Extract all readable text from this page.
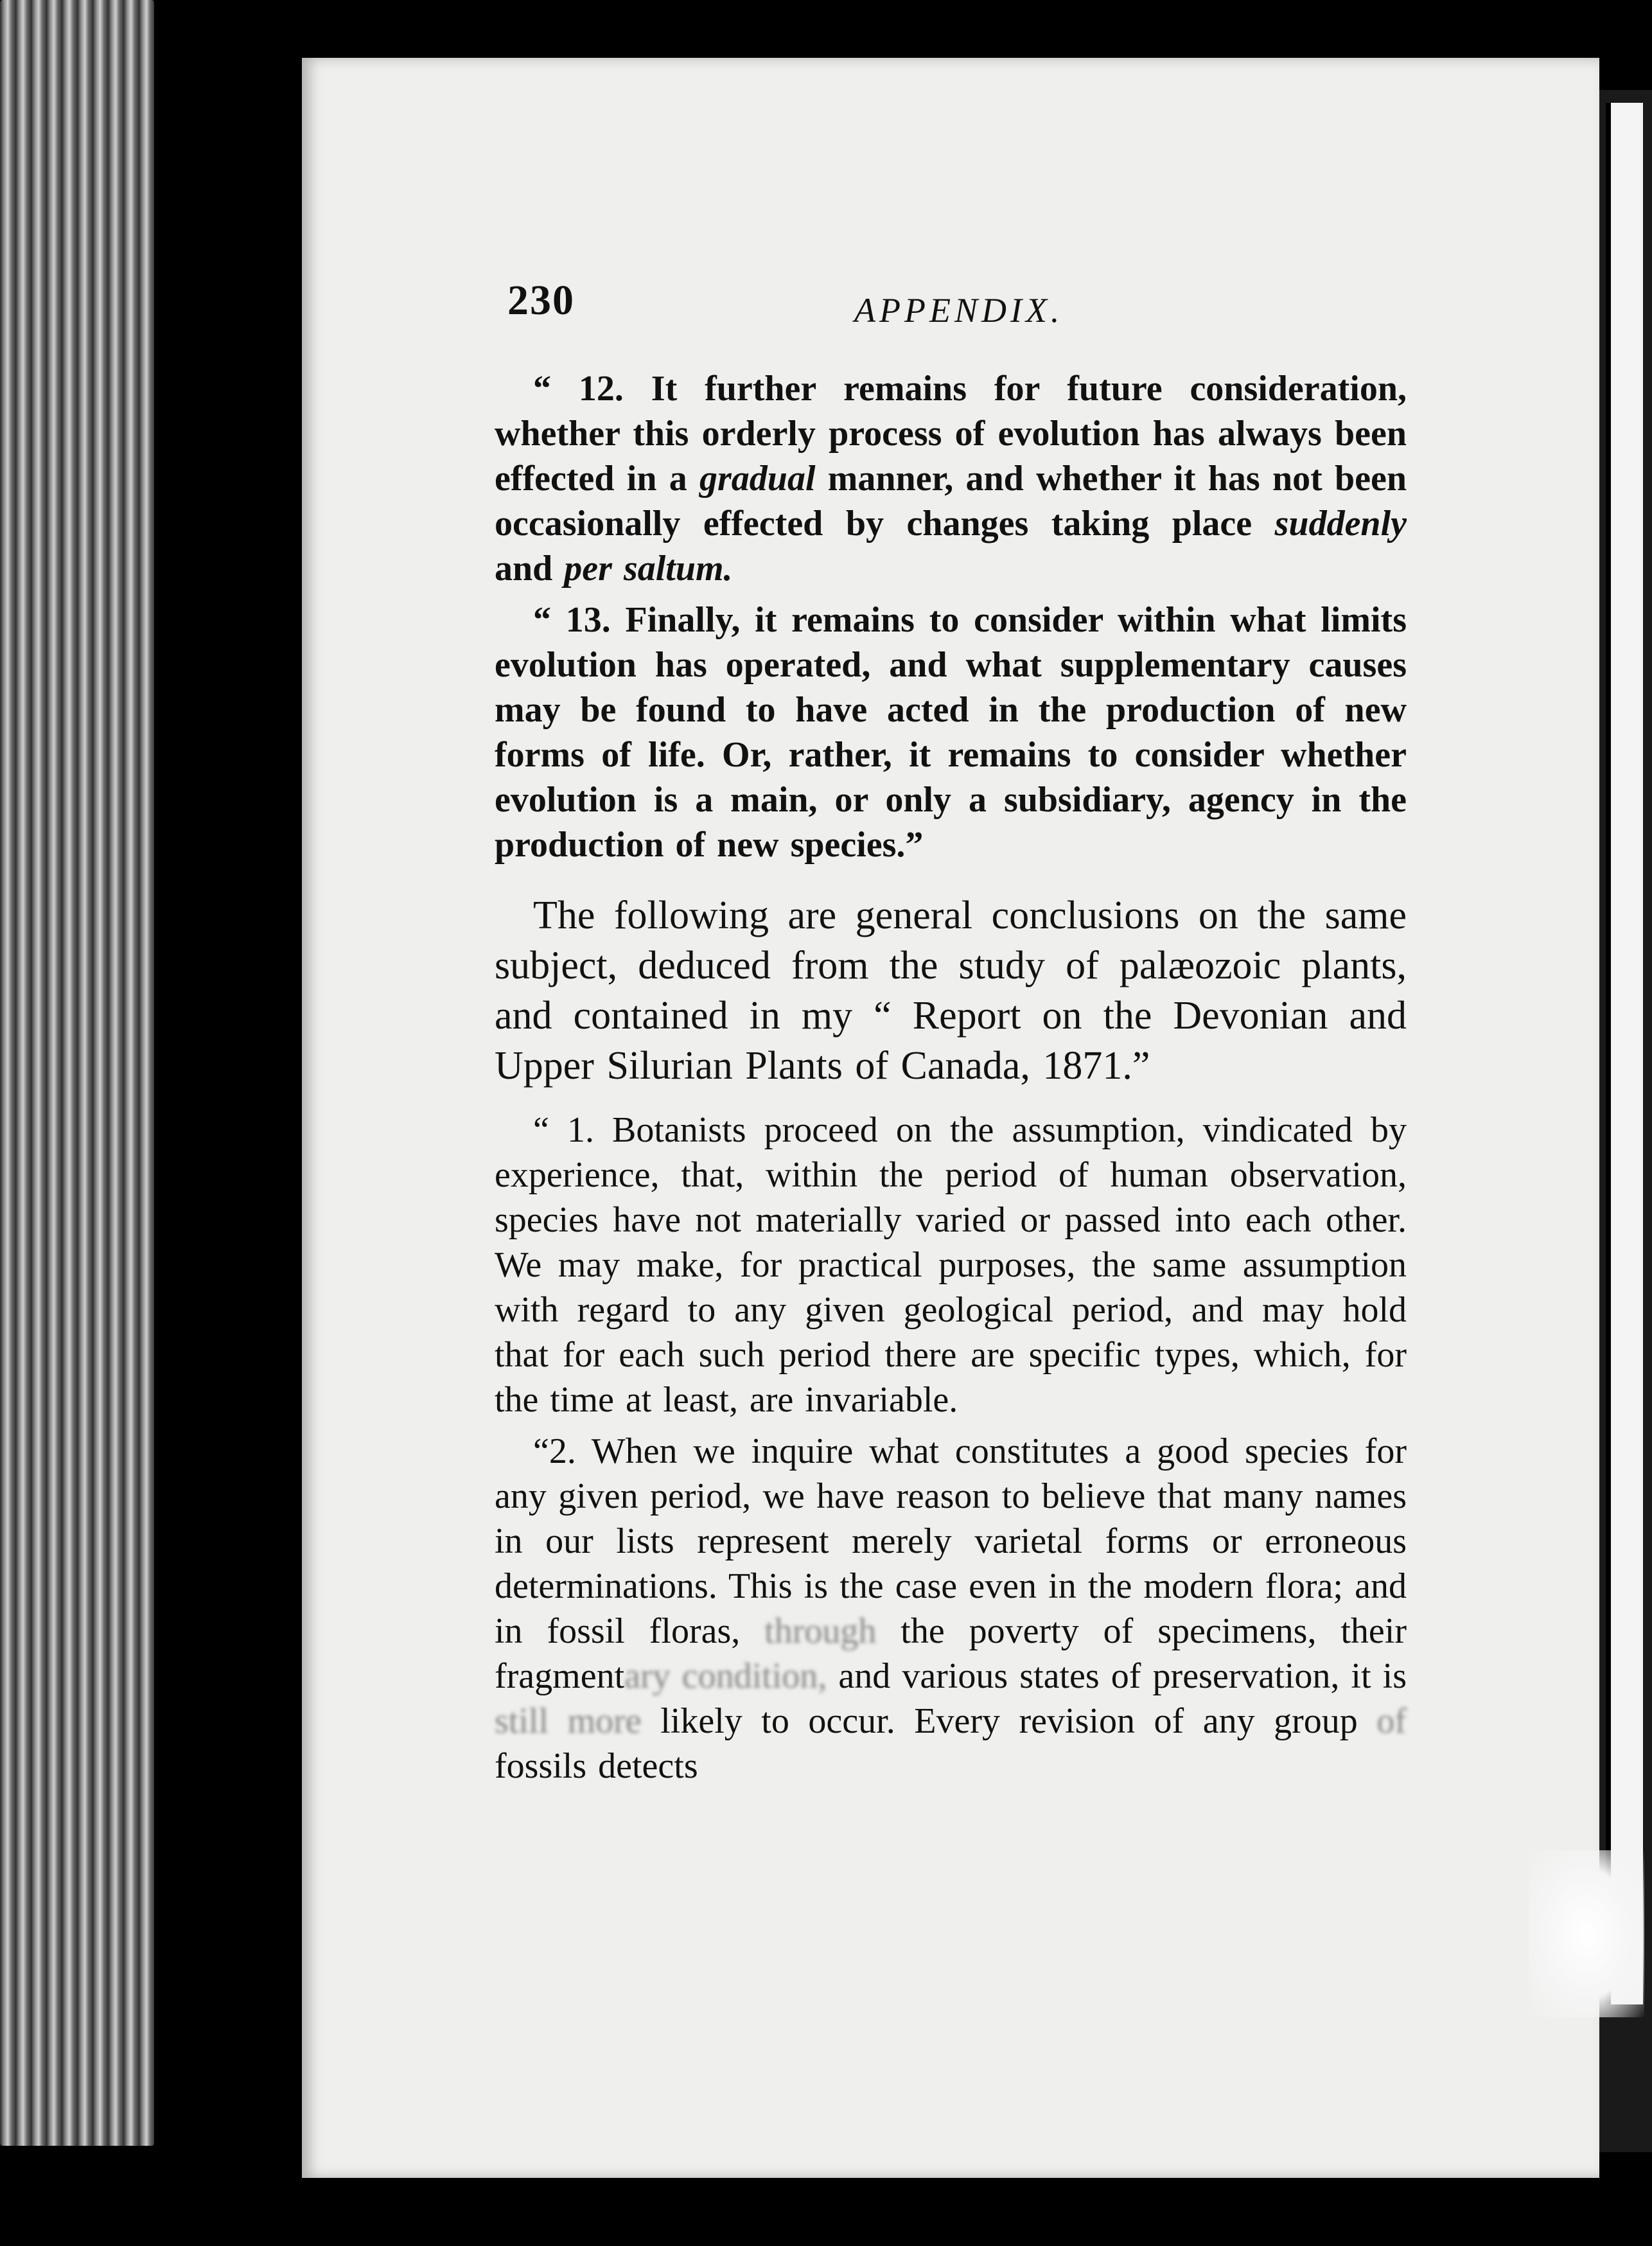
230	APPENDIX.

“ 12. It further remains for future consideration, whether this orderly process of evolution has always been effected in a gradual manner, and whether it has not been occasionally effected by changes taking place suddenly and per saltum.

“ 13. Finally, it remains to consider within what limits evolution has operated, and what supplementary causes may be found to have acted in the production of new forms of life. Or, rather, it remains to consider whether evolution is a main, or only a subsidiary, agency in the production of new species.”

The following are general conclusions on the same subject, deduced from the study of palæozoic plants, and contained in my “ Report on the Devonian and Upper Silurian Plants of Canada, 1871.”

“ 1. Botanists proceed on the assumption, vindicated by experience, that, within the period of human observation, species have not materially varied or passed into each other. We may make, for practical purposes, the same assumption with regard to any given geological period, and may hold that for each such period there are specific types, which, for the time at least, are invariable.

“2. When we inquire what constitutes a good species for any given period, we have reason to believe that many names in our lists represent merely varietal forms or erroneous determinations. This is the case even in the modern flora; and in fossil floras, through the poverty of specimens, their fragmentary condition, and various states of preservation, it is still more likely to occur. Every revision of any group of fossils detects
